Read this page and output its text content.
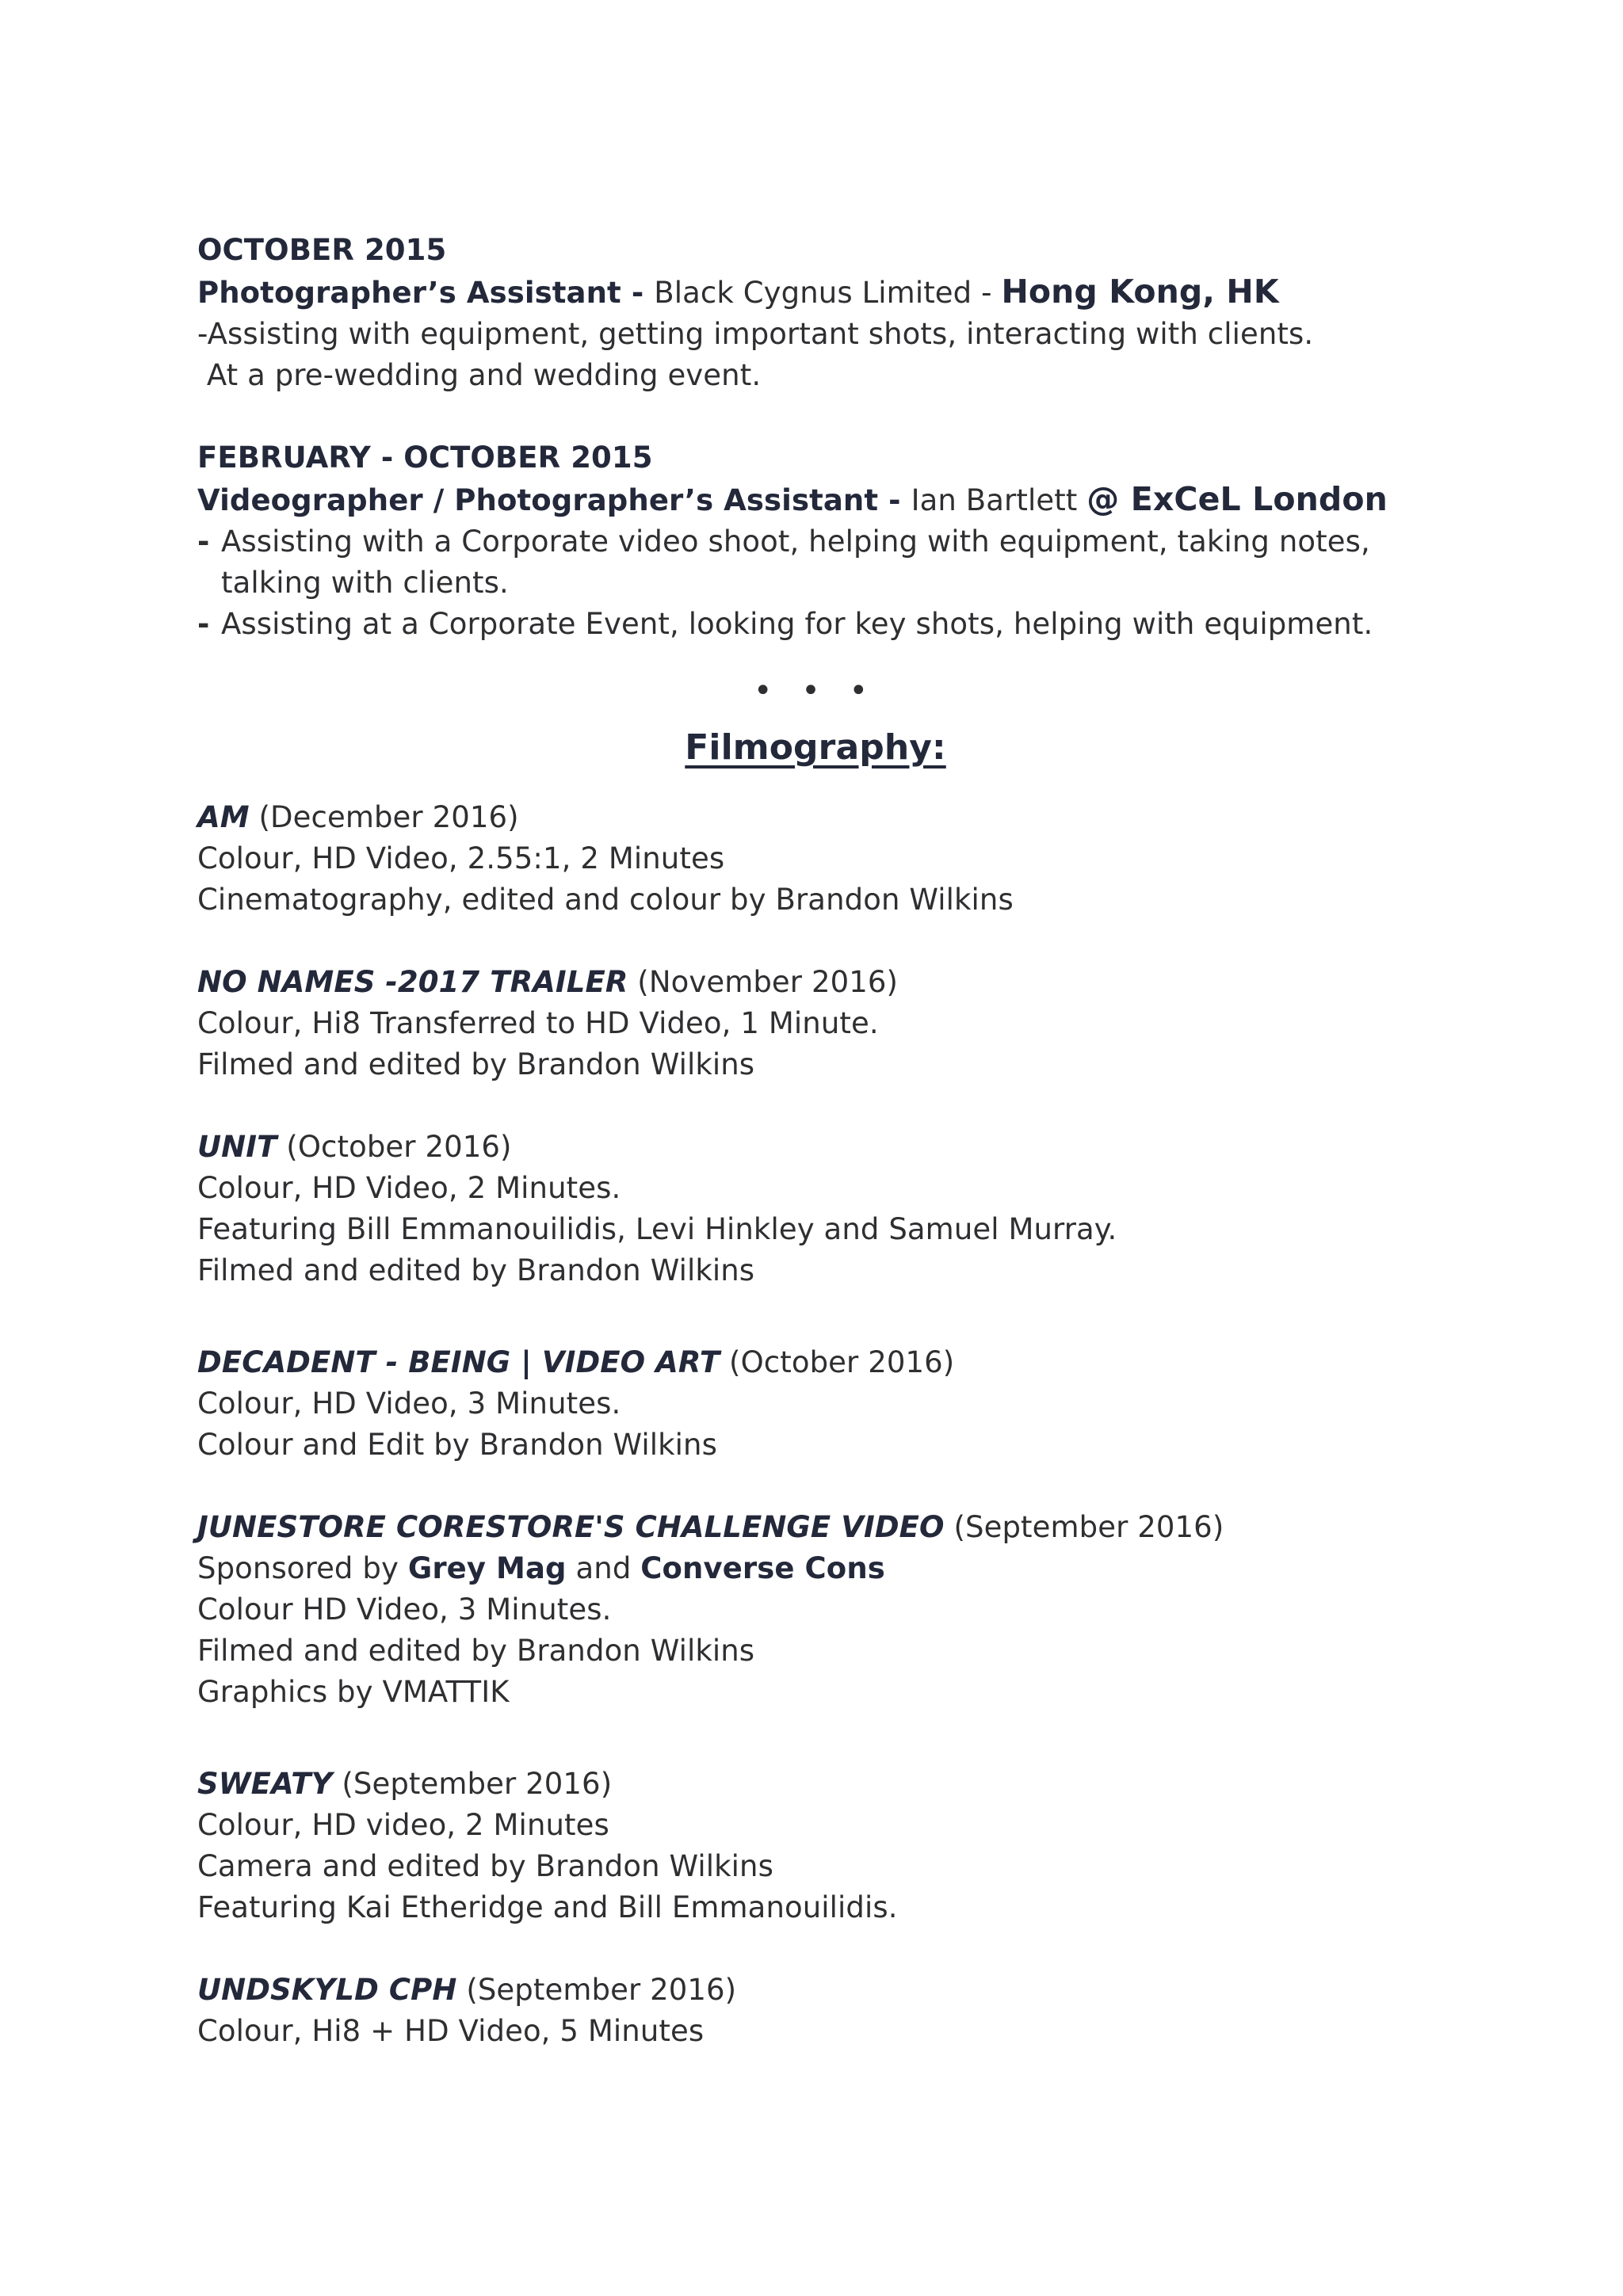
OCTOBER 2015
Photographer’s Assistant - Black Cygnus Limited - Hong Kong, HK
-Assisting with equipment, getting important shots, interacting with clients.
At a pre-wedding and wedding event.
FEBRUARY - OCTOBER 2015
Videographer / Photographer’s Assistant - Ian Bartlett @ ExCeL London
- Assisting with a Corporate video shoot, helping with equipment, taking notes, talking with clients.
- Assisting at a Corporate Event, looking for key shots, helping with equipment.
• • •
Filmography:
AM (December 2016)
Colour, HD Video, 2.55:1, 2 Minutes
Cinematography, edited and colour by Brandon Wilkins
NO NAMES -2017 TRAILER (November 2016)
Colour, Hi8 Transferred to HD Video, 1 Minute.
Filmed and edited by Brandon Wilkins
UNIT (October 2016)
Colour, HD Video, 2 Minutes.
Featuring Bill Emmanouilidis, Levi Hinkley and Samuel Murray.
Filmed and edited by Brandon Wilkins
DECADENT - BEING | VIDEO ART (October 2016)
Colour, HD Video, 3 Minutes.
Colour and Edit by Brandon Wilkins
JUNESTORE CORESTORE'S CHALLENGE VIDEO (September 2016)
Sponsored by Grey Mag and Converse Cons
Colour HD Video, 3 Minutes.
Filmed and edited by Brandon Wilkins
Graphics by VMATTIK
SWEATY (September 2016)
Colour, HD video, 2 Minutes
Camera and edited by Brandon Wilkins
Featuring Kai Etheridge and Bill Emmanouilidis.
UNDSKYLD CPH (September 2016)
Colour, Hi8 + HD Video, 5 Minutes
